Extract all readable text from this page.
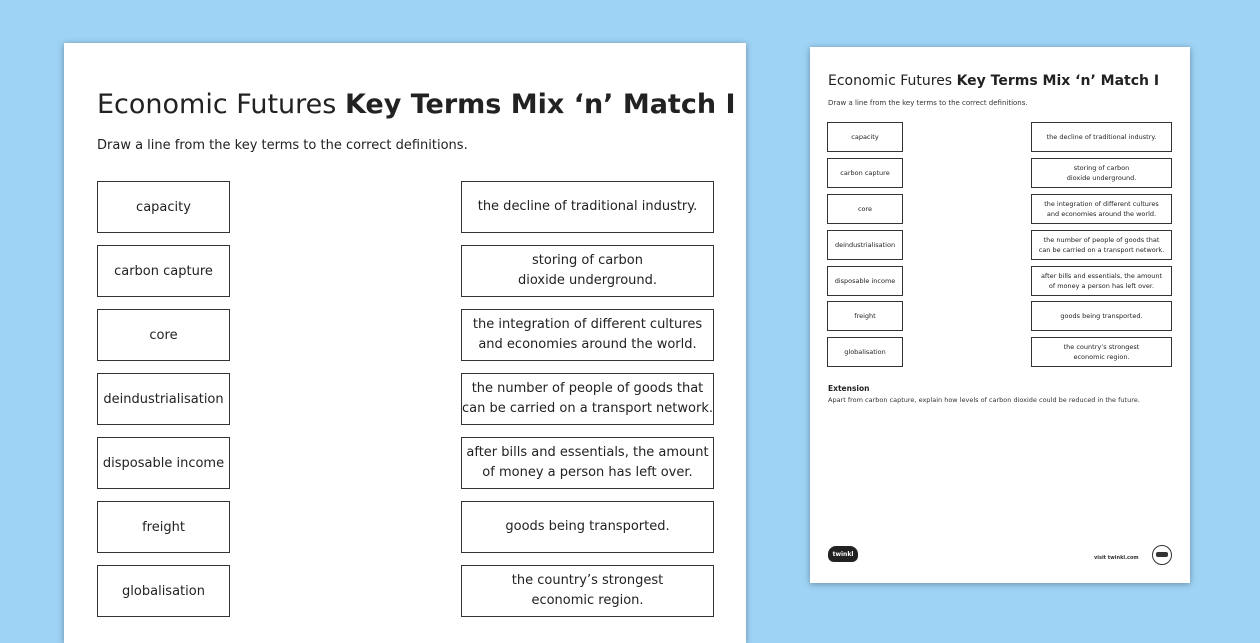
Economic Futures Key Terms Mix ‘n’ Match I
Draw a line from the key terms to the correct definitions.
capacity
carbon capture
core
deindustrialisation
disposable income
freight
globalisation
the decline of traditional industry.
storing of carbon
dioxide underground.
the integration of different cultures
and economies around the world.
the number of people of goods that
can be carried on a transport network.
after bills and essentials, the amount
of money a person has left over.
goods being transported.
the country’s strongest
economic region.
Economic Futures Key Terms Mix ‘n’ Match I
Draw a line from the key terms to the correct definitions.
capacity
carbon capture
core
deindustrialisation
disposable income
freight
globalisation
the decline of traditional industry.
storing of carbon
dioxide underground.
the integration of different cultures
and economies around the world.
the number of people of goods that
can be carried on a transport network.
after bills and essentials, the amount
of money a person has left over.
goods being transported.
the country’s strongest
economic region.
Extension
Apart from carbon capture, explain how levels of carbon dioxide could be reduced in the future.
twinkl
visit twinkl.com
